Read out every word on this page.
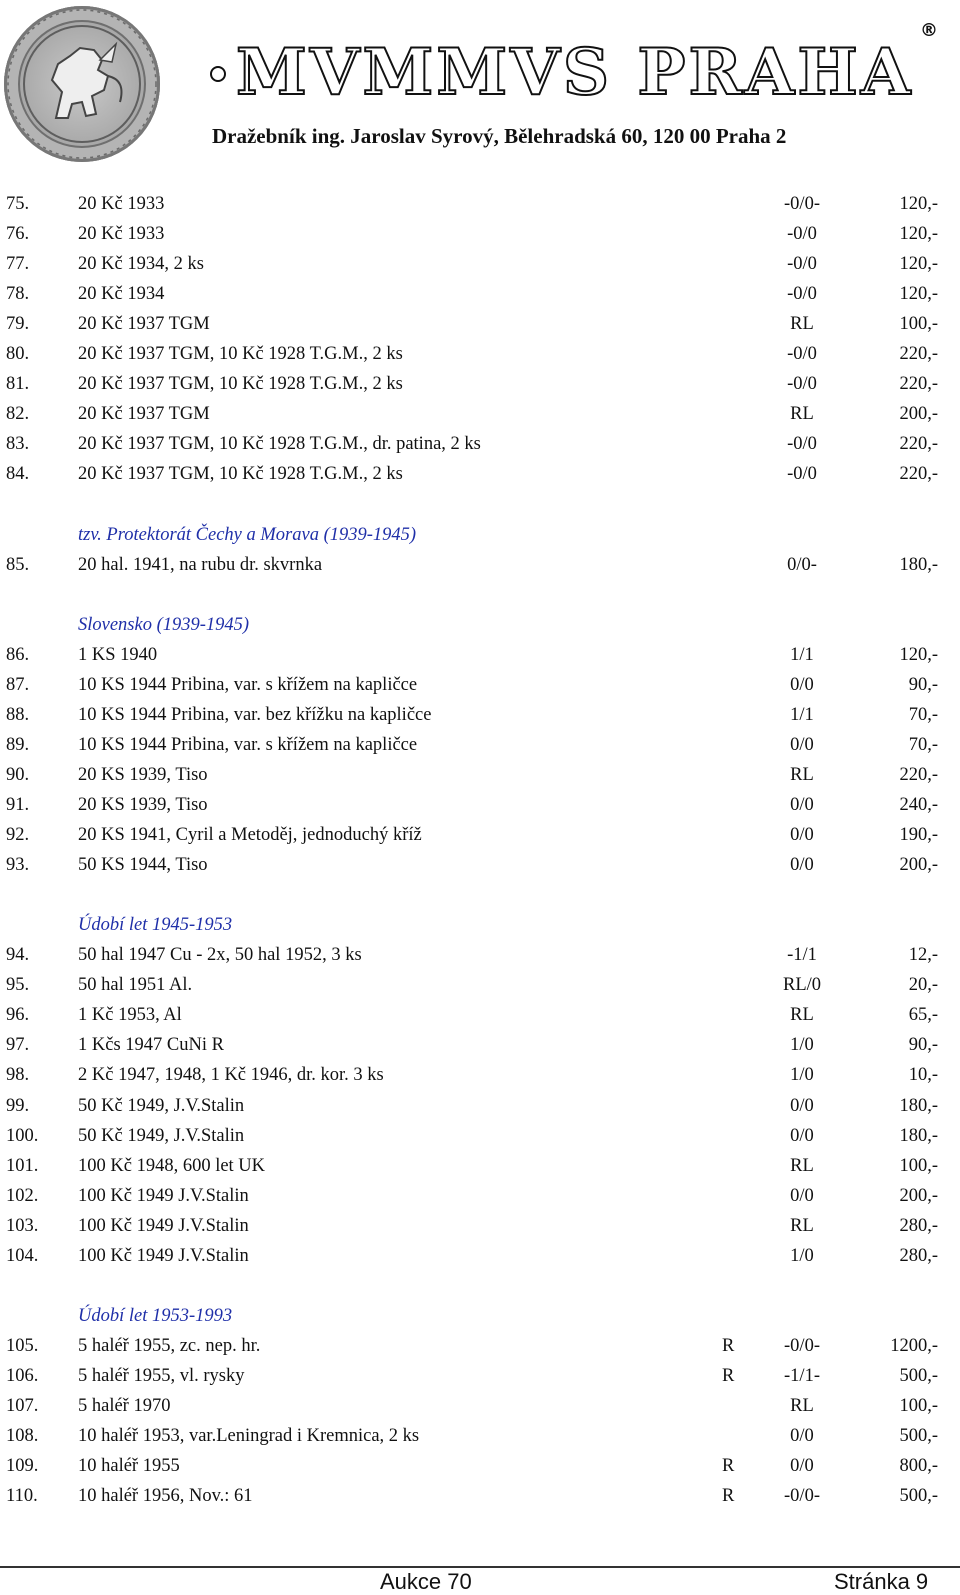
MVMMVS PRAHA
®
Dražebník ing. Jaroslav Syrový, Bělehradská 60, 120 00 Praha 2
75.	20 Kč 1933	-0/0-	120,-
76.	20 Kč 1933	-0/0	120,-
77.	20 Kč 1934, 2 ks	-0/0	120,-
78.	20 Kč 1934	-0/0	120,-
79.	20 Kč 1937 TGM	RL	100,-
80.	20 Kč 1937 TGM, 10 Kč 1928 T.G.M., 2 ks	-0/0	220,-
81.	20 Kč 1937 TGM, 10 Kč 1928 T.G.M., 2 ks	-0/0	220,-
82.	20 Kč 1937 TGM	RL	200,-
83.	20 Kč 1937 TGM, 10 Kč 1928 T.G.M., dr. patina, 2 ks	-0/0	220,-
84.	20 Kč 1937 TGM, 10 Kč 1928 T.G.M., 2 ks	-0/0	220,-
tzv. Protektorát Čechy a Morava (1939-1945)
85.	20 hal. 1941, na rubu dr. skvrnka	0/0-	180,-
Slovensko (1939-1945)
86.	1 KS 1940	1/1	120,-
87.	10 KS 1944 Pribina, var. s křížem na kapličce	0/0	90,-
88.	10 KS 1944 Pribina, var. bez křížku na kapličce	1/1	70,-
89.	10 KS 1944 Pribina, var. s křížem na kapličce	0/0	70,-
90.	20 KS 1939, Tiso	RL	220,-
91.	20 KS 1939, Tiso	0/0	240,-
92.	20 KS 1941, Cyril a Metoděj, jednoduchý kříž	0/0	190,-
93.	50 KS 1944, Tiso	0/0	200,-
Údobí let 1945-1953
94.	50 hal 1947 Cu - 2x, 50 hal 1952, 3 ks	-1/1	12,-
95.	50 hal 1951 Al.	RL/0	20,-
96.	1 Kč 1953, Al	RL	65,-
97.	1 Kčs 1947 CuNi R	1/0	90,-
98.	2 Kč 1947, 1948, 1 Kč 1946, dr. kor. 3 ks	1/0	10,-
99.	50 Kč 1949, J.V.Stalin	0/0	180,-
100. 50 Kč 1949, J.V.Stalin	0/0	180,-
101. 100 Kč 1948, 600 let UK	RL	100,-
102. 100 Kč 1949 J.V.Stalin	0/0	200,-
103. 100 Kč 1949 J.V.Stalin	RL	280,-
104. 100 Kč 1949 J.V.Stalin	1/0	280,-
Údobí let 1953-1993
105. 5 haléř 1955, zc. nep. hr.	R	-0/0-	1200,-
106. 5 haléř 1955, vl. rysky	R	-1/1-	500,-
107. 5 haléř 1970	RL	100,-
108. 10 haléř 1953, var.Leningrad i Kremnica, 2 ks	0/0	500,-
109. 10 haléř 1955	R	0/0	800,-
110. 10 haléř 1956, Nov.: 61	R	-0/0-	500,-
Aukce 70	Stránka 9
